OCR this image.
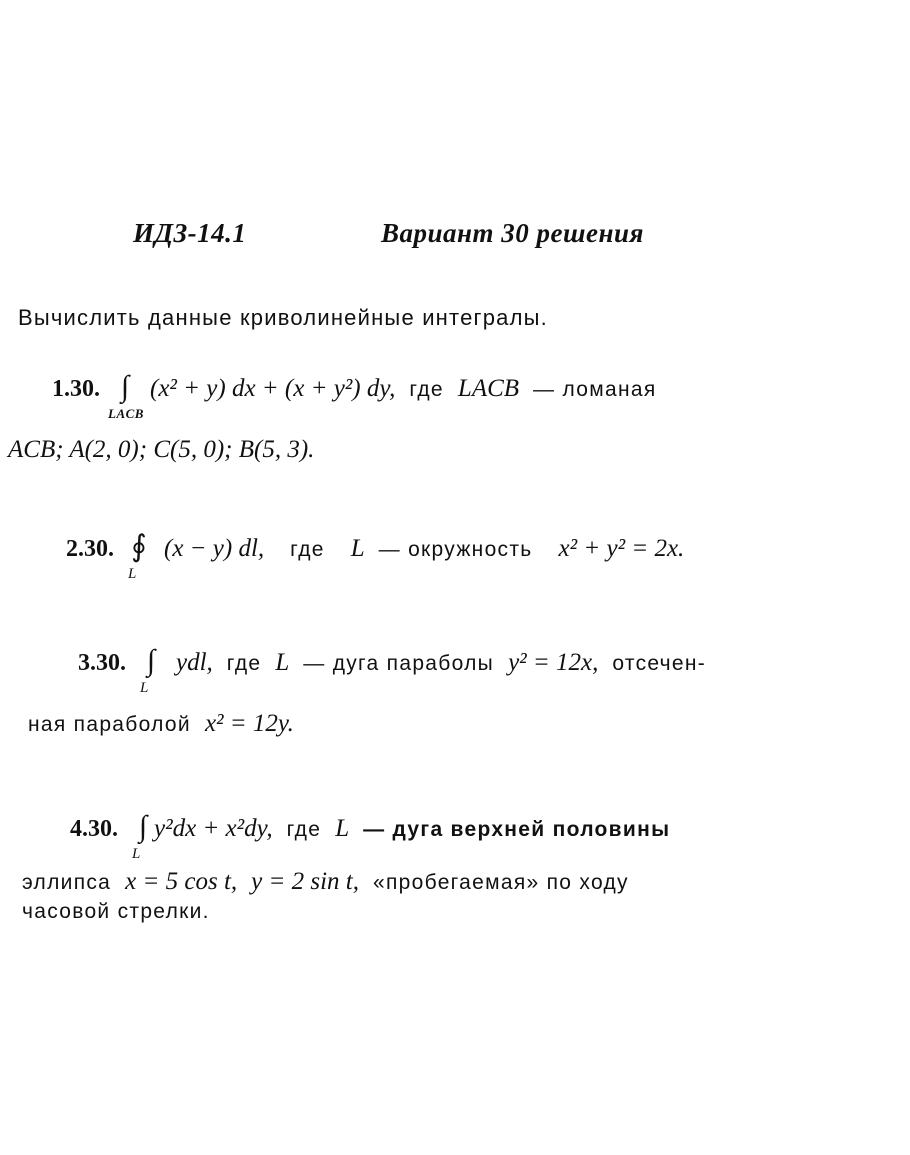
ИДЗ-14.1	Вариант 30 решения
Вычислить данные криволинейные интегралы.
1.30. ∫
LACB
(x² + y) dx + (x + y²) dy, где LACB — ломаная
ACB; A(2, 0); C(5, 0); B(5, 3).
2.30. ∮
L
(x − y) dl, где L — окружность x² + y² = 2x.
3.30. ∫
L
ydl, где L — дуга параболы y² = 12x, отсечен-
ная параболой x² = 12y.
4.30. ∫
L
y²dx + x²dy, где L — дуга верхней половины
эллипса x = 5 cos t, y = 2 sin t, «пробегаемая» по ходу
часовой стрелки.
